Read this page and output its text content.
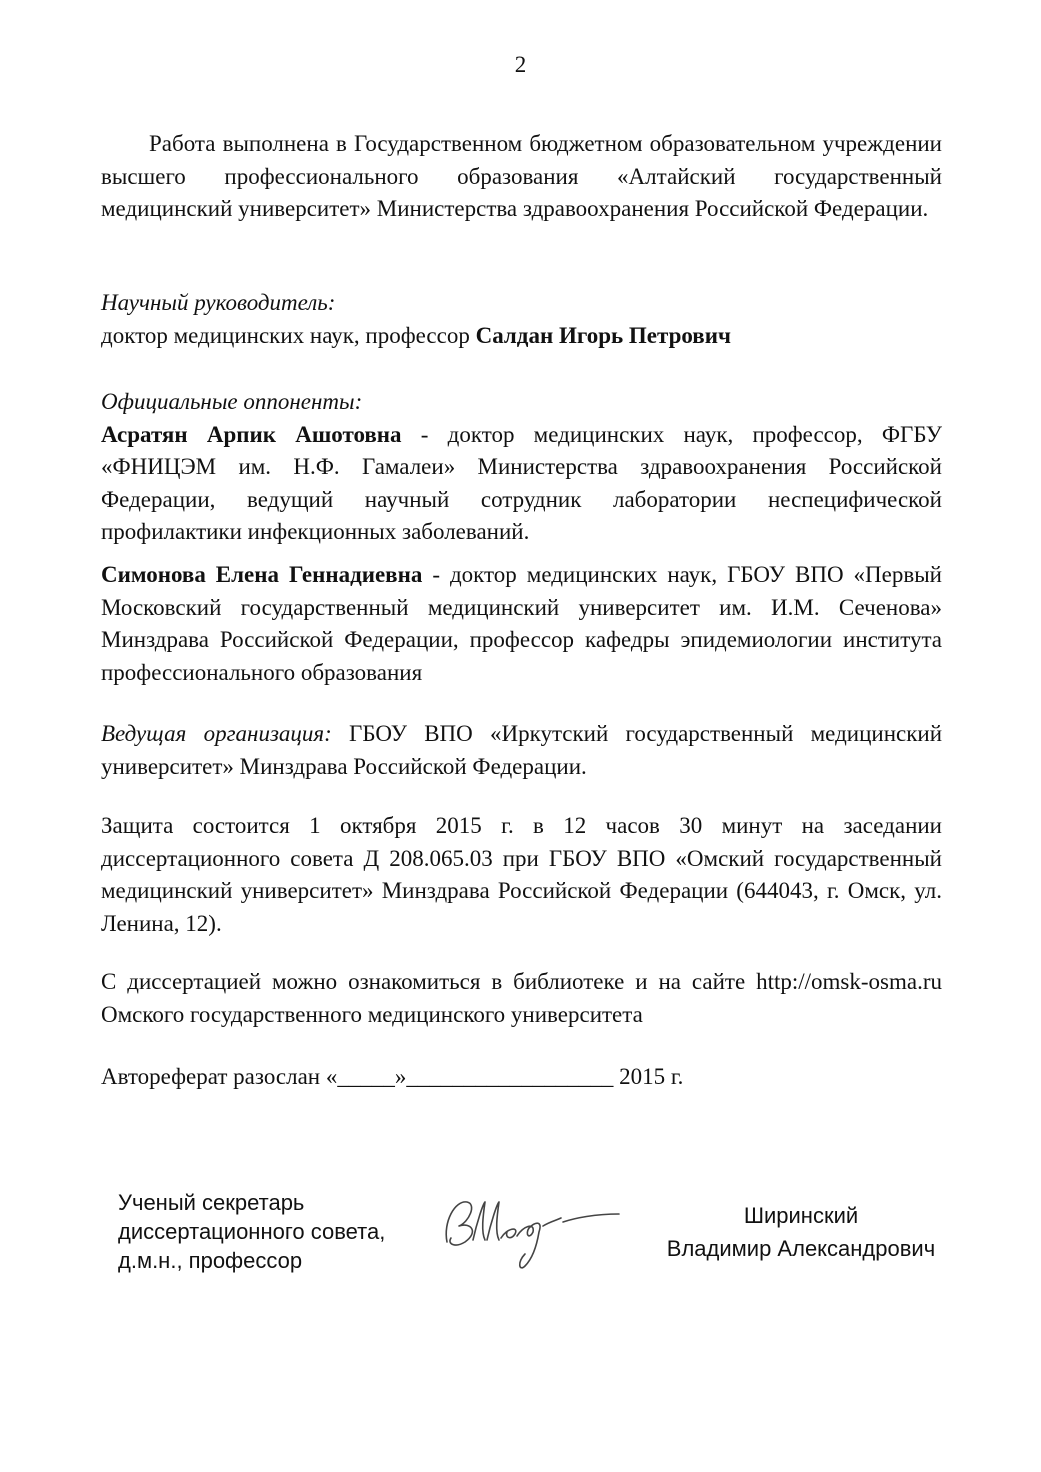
2

Работа выполнена в Государственном бюджетном образовательном учреждении высшего профессионального образования «Алтайский государственный медицинский университет» Министерства здравоохранения Российской Федерации.

Научный руководитель:

доктор медицинских наук, профессор Салдан Игорь Петрович

Официальные оппоненты:

Асратян Арпик Ашотовна - доктор медицинских наук, профессор, ФГБУ «ФНИЦЭМ им. Н.Ф. Гамалеи» Министерства здравоохранения Российской Федерации, ведущий научный сотрудник лаборатории неспецифической профилактики инфекционных заболеваний.

Симонова Елена Геннадиевна - доктор медицинских наук, ГБОУ ВПО «Первый Московский государственный медицинский университет им. И.М. Сеченова» Минздрава Российской Федерации, профессор кафедры эпидемиологии института профессионального образования

Ведущая организация: ГБОУ ВПО «Иркутский государственный медицинский университет» Минздрава Российской Федерации.

Защита состоится 1 октября 2015 г. в 12 часов 30 минут на заседании диссертационного совета Д 208.065.03 при ГБОУ ВПО «Омский государственный медицинский университет» Минздрава Российской Федерации (644043, г. Омск, ул. Ленина, 12).

С диссертацией можно ознакомиться в библиотеке и на сайте http://omsk-osma.ru Омского государственного медицинского университета

Автореферат разослан «_____»__________________ 2015 г.

Ученый секретарь
диссертационного совета,
д.м.н., профессор
Ширинский
Владимир Александрович
